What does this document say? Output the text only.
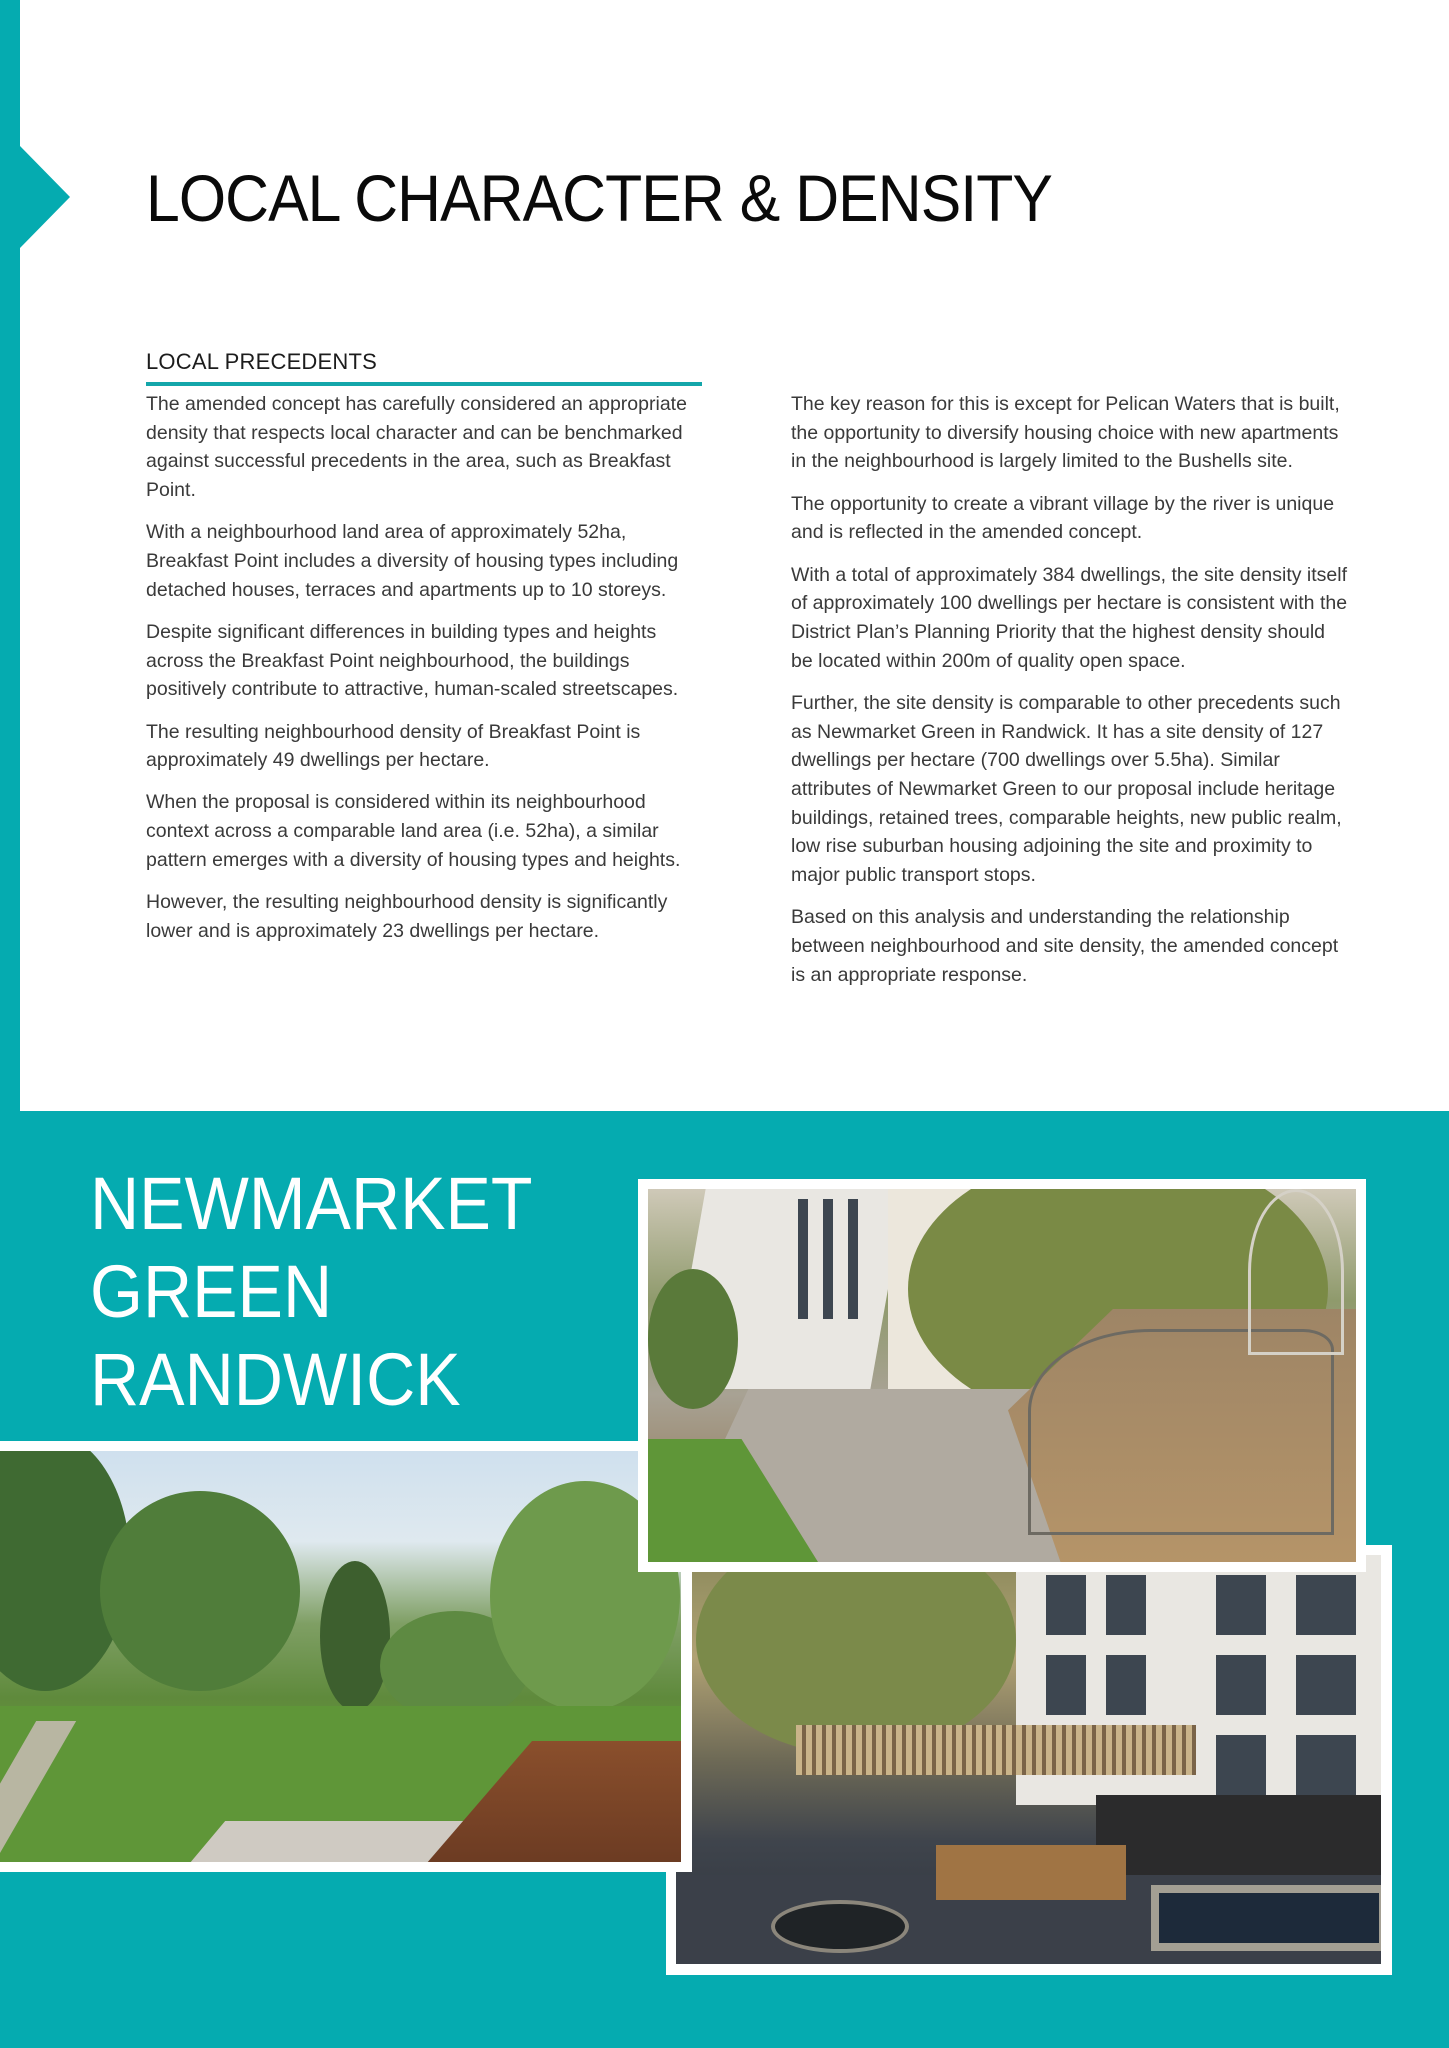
LOCAL CHARACTER & DENSITY
LOCAL PRECEDENTS

The amended concept has carefully considered an appropriate density that respects local character and can be benchmarked against successful precedents in the area, such as Breakfast Point.

With a neighbourhood land area of approximately 52ha, Breakfast Point includes a diversity of housing types including detached houses, terraces and apartments up to 10 storeys.

Despite significant differences in building types and heights across the Breakfast Point neighbourhood, the buildings positively contribute to attractive, human-scaled streetscapes.

The resulting neighbourhood density of Breakfast Point is approximately 49 dwellings per hectare.

When the proposal is considered within its neighbourhood context across a comparable land area (i.e. 52ha), a similar pattern emerges with a diversity of housing types and heights.

However, the resulting neighbourhood density is significantly lower and is approximately 23 dwellings per hectare.

The key reason for this is except for Pelican Waters that is built, the opportunity to diversify housing choice with new apartments in the neighbourhood is largely limited to the Bushells site.

The opportunity to create a vibrant village by the river is unique and is reflected in the amended concept.

With a total of approximately 384 dwellings, the site density itself of approximately 100 dwellings per hectare is consistent with the District Plan’s Planning Priority that the highest density should be located within 200m of quality open space.

Further, the site density is comparable to other precedents such as Newmarket Green in Randwick. It has a site density of 127 dwellings per hectare (700 dwellings over 5.5ha). Similar attributes of Newmarket Green to our proposal include heritage buildings, retained trees, comparable heights, new public realm, low rise suburban housing adjoining the site and proximity to major public transport stops.

Based on this analysis and understanding the relationship between neighbourhood and site density, the amended concept is an appropriate response.

NEWMARKET
GREEN
RANDWICK
